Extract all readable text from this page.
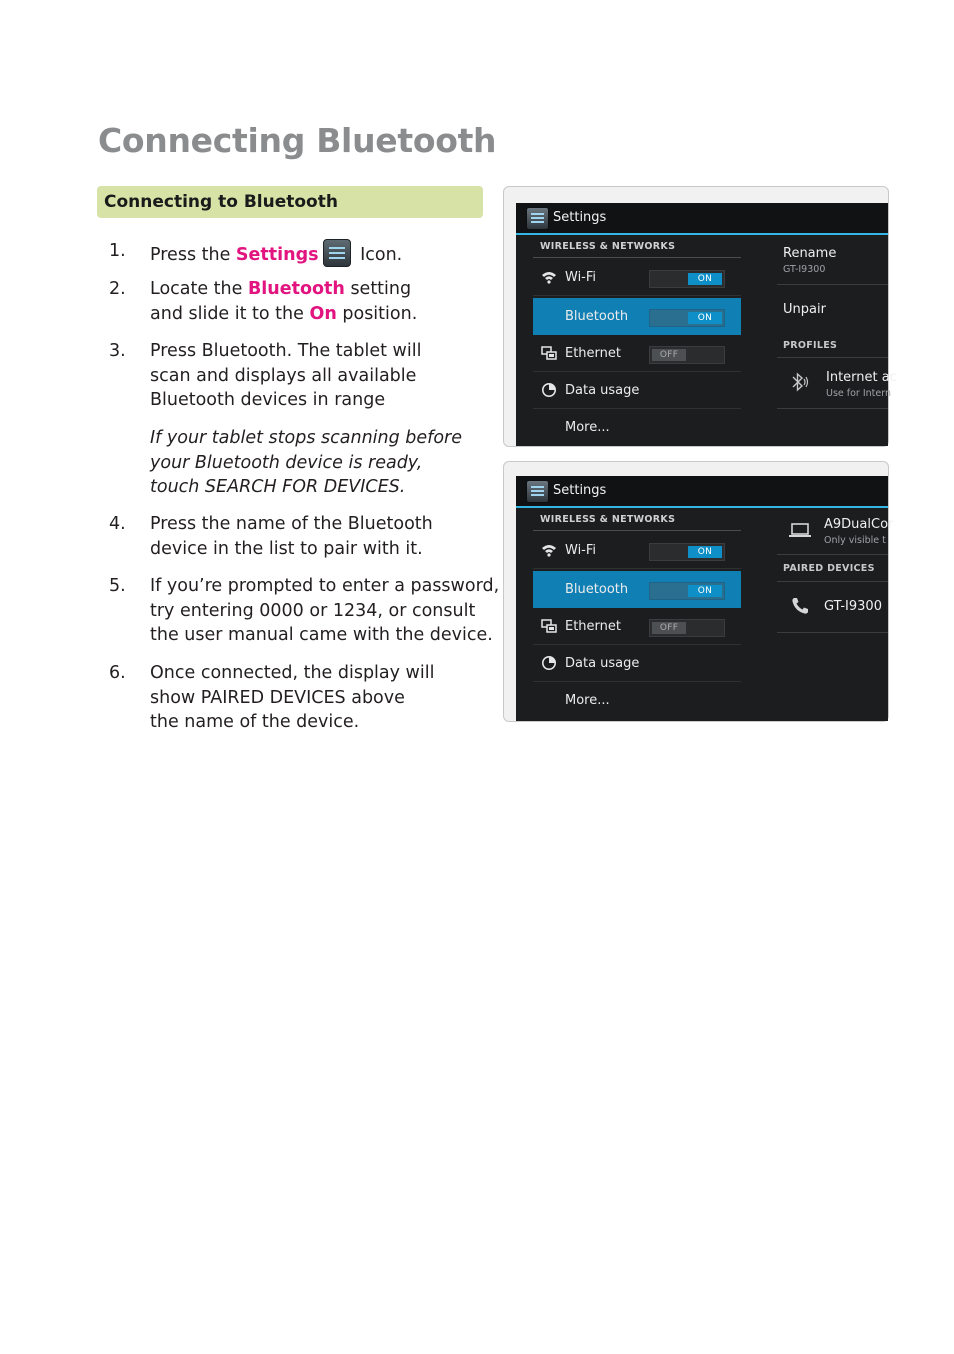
Connecting Bluetooth
Connecting to Bluetooth
1. Press the Settings
Icon.
2. Locate the Bluetooth setting
and slide it to the On position.
3. Press Bluetooth. The tablet will
scan and displays all available
Bluetooth devices in range
If your tablet stops scanning before
your Bluetooth device is ready,
touch SEARCH FOR DEVICES.
4. Press the name of the Bluetooth
device in the list to pair with it.
5. If you’re prompted to enter a password,
try entering 0000 or 1234, or consult
the user manual came with the device.
6. Once connected, the display will
show PAIRED DEVICES above
the name of the device.
Settings
WIRELESS & NETWORKS
Wi-Fi	ON
Bluetooth	ON
Ethernet	OFF
Data usage
More...
Rename
GT-I9300
Unpair
PROFILES
Internet ac
Use for Intern
Settings
WIRELESS & NETWORKS
Wi-Fi	ON
Bluetooth	ON
Ethernet	OFF
Data usage
More...
A9DualCor
Only visible t
PAIRED DEVICES
GT-I9300
